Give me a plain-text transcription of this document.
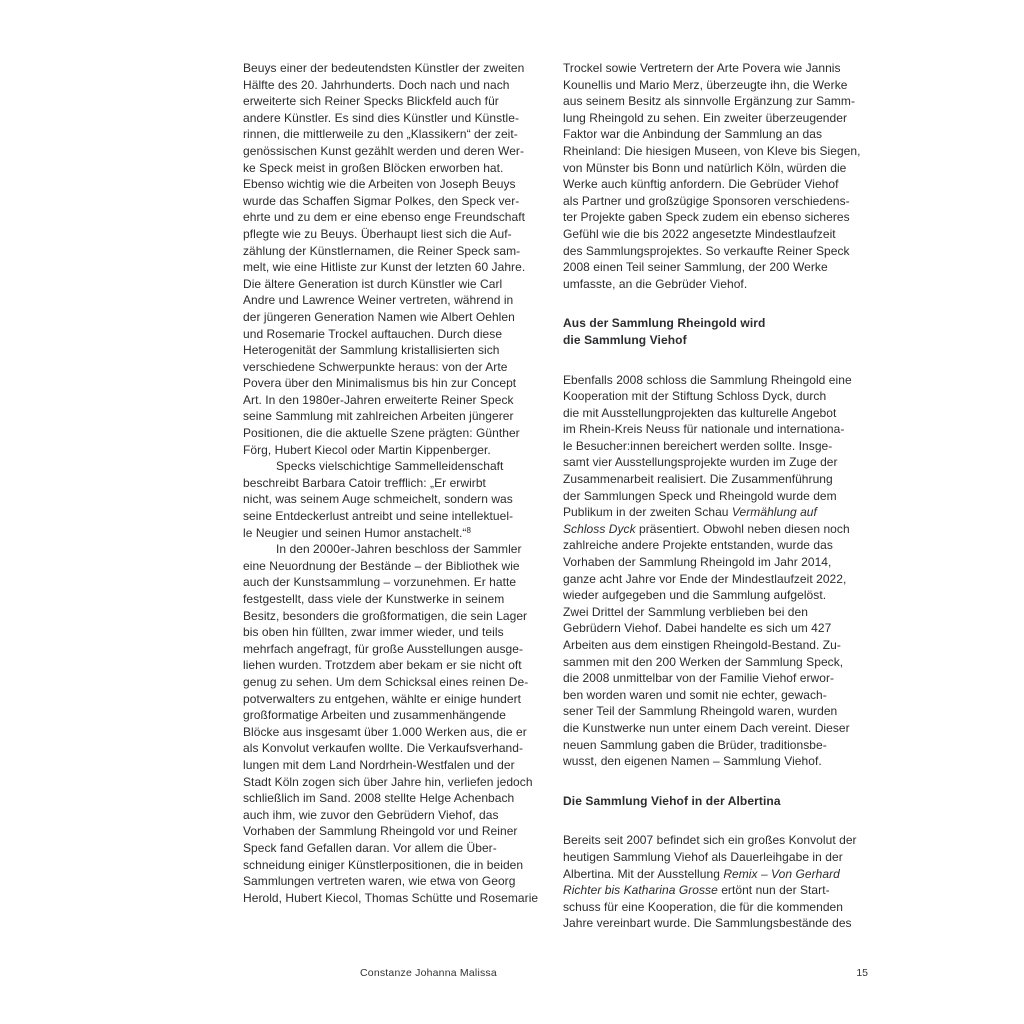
Beuys einer der bedeutendsten Künstler der zweiten
Hälfte des 20. Jahrhunderts. Doch nach und nach
erweiterte sich Reiner Specks Blickfeld auch für
andere Künstler. Es sind dies Künstler und Künstle-
rinnen, die mittlerweile zu den „Klassikern“ der zeit-
genössischen Kunst gezählt werden und deren Wer-
ke Speck meist in großen Blöcken erworben hat.
Ebenso wichtig wie die Arbeiten von Joseph Beuys
wurde das Schaffen Sigmar Polkes, den Speck ver-
ehrte und zu dem er eine ebenso enge Freundschaft
pflegte wie zu Beuys. Überhaupt liest sich die Auf-
zählung der Künstlernamen, die Reiner Speck sam-
melt, wie eine Hitliste zur Kunst der letzten 60 Jahre.
Die ältere Generation ist durch Künstler wie Carl
Andre und Lawrence Weiner vertreten, während in
der jüngeren Generation Namen wie Albert Oehlen
und Rosemarie Trockel auftauchen. Durch diese
Heterogenität der Sammlung kristallisierten sich
verschiedene Schwerpunkte heraus: von der Arte
Povera über den Minimalismus bis hin zur Concept
Art. In den 1980er-Jahren erweiterte Reiner Speck
seine Sammlung mit zahlreichen Arbeiten jüngerer
Positionen, die die aktuelle Szene prägten: Günther
Förg, Hubert Kiecol oder Martin Kippenberger.
Specks vielschichtige Sammelleidenschaft
beschreibt Barbara Catoir trefflich: „Er erwirbt
nicht, was seinem Auge schmeichelt, sondern was
seine Entdeckerlust antreibt und seine intellektuel-
le Neugier und seinen Humor anstachelt.“$^8$
In den 2000er-Jahren beschloss der Sammler
eine Neuordnung der Bestände – der Bibliothek wie
auch der Kunstsammlung – vorzunehmen. Er hatte
festgestellt, dass viele der Kunstwerke in seinem
Besitz, besonders die großformatigen, die sein Lager
bis oben hin füllten, zwar immer wieder, und teils
mehrfach angefragt, für große Ausstellungen ausge-
liehen wurden. Trotzdem aber bekam er sie nicht oft
genug zu sehen. Um dem Schicksal eines reinen De-
potverwalters zu entgehen, wählte er einige hundert
großformatige Arbeiten und zusammenhängende
Blöcke aus insgesamt über 1.000 Werken aus, die er
als Konvolut verkaufen wollte. Die Verkaufsverhand-
lungen mit dem Land Nordrhein-Westfalen und der
Stadt Köln zogen sich über Jahre hin, verliefen jedoch
schließlich im Sand. 2008 stellte Helge Achenbach
auch ihm, wie zuvor den Gebrüdern Viehof, das
Vorhaben der Sammlung Rheingold vor und Reiner
Speck fand Gefallen daran. Vor allem die Über-
schneidung einiger Künstlerpositionen, die in beiden
Sammlungen vertreten waren, wie etwa von Georg
Herold, Hubert Kiecol, Thomas Schütte und Rosemarie
Trockel sowie Vertretern der Arte Povera wie Jannis
Kounellis und Mario Merz, überzeugte ihn, die Werke
aus seinem Besitz als sinnvolle Ergänzung zur Samm-
lung Rheingold zu sehen. Ein zweiter überzeugender
Faktor war die Anbindung der Sammlung an das
Rheinland: Die hiesigen Museen, von Kleve bis Siegen,
von Münster bis Bonn und natürlich Köln, würden die
Werke auch künftig anfordern. Die Gebrüder Viehof
als Partner und großzügige Sponsoren verschiedens-
ter Projekte gaben Speck zudem ein ebenso sicheres
Gefühl wie die bis 2022 angesetzte Mindestlaufzeit
des Sammlungsprojektes. So verkaufte Reiner Speck
2008 einen Teil seiner Sammlung, der 200 Werke
umfasste, an die Gebrüder Viehof.
Aus der Sammlung Rheingold wird
die Sammlung Viehof
Ebenfalls 2008 schloss die Sammlung Rheingold eine
Kooperation mit der Stiftung Schloss Dyck, durch
die mit Ausstellungprojekten das kulturelle Angebot
im Rhein-Kreis Neuss für nationale und internationa-
le Besucher:innen bereichert werden sollte. Insge-
samt vier Ausstellungsprojekte wurden im Zuge der
Zusammenarbeit realisiert. Die Zusammenführung
der Sammlungen Speck und Rheingold wurde dem
Publikum in der zweiten Schau Vermählung auf
Schloss Dyck präsentiert. Obwohl neben diesen noch
zahlreiche andere Projekte entstanden, wurde das
Vorhaben der Sammlung Rheingold im Jahr 2014,
ganze acht Jahre vor Ende der Mindestlaufzeit 2022,
wieder aufgegeben und die Sammlung aufgelöst.
Zwei Drittel der Sammlung verblieben bei den
Gebrüdern Viehof. Dabei handelte es sich um 427
Arbeiten aus dem einstigen Rheingold-Bestand. Zu-
sammen mit den 200 Werken der Sammlung Speck,
die 2008 unmittelbar von der Familie Viehof erwor-
ben worden waren und somit nie echter, gewach-
sener Teil der Sammlung Rheingold waren, wurden
die Kunstwerke nun unter einem Dach vereint. Dieser
neuen Sammlung gaben die Brüder, traditionsbe-
wusst, den eigenen Namen – Sammlung Viehof.
Die Sammlung Viehof in der Albertina
Bereits seit 2007 befindet sich ein großes Konvolut der
heutigen Sammlung Viehof als Dauerleihgabe in der
Albertina. Mit der Ausstellung Remix – Von Gerhard
Richter bis Katharina Grosse ertönt nun der Start-
schuss für eine Kooperation, die für die kommenden
Jahre vereinbart wurde. Die Sammlungsbestände des
Constanze Johanna Malissa	15
